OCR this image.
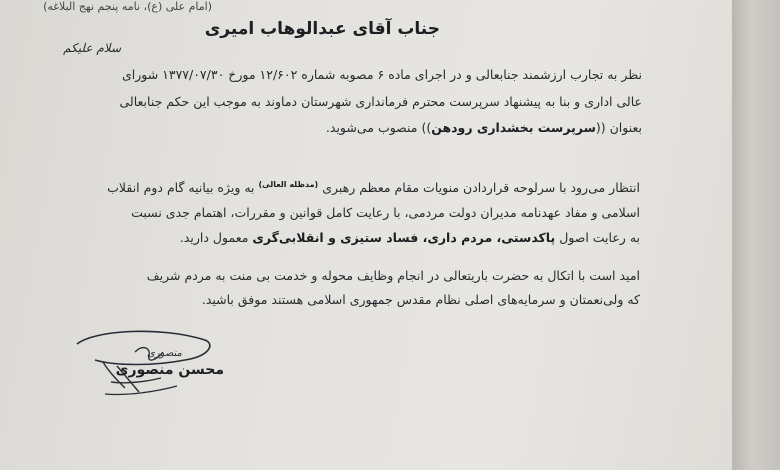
(امام علی (ع)، نامه پنجم نهج البلاغه)
جناب آقای عبدالوهاب امیری
سلام علیکم
نظر به تجارب ارزشمند جنابعالی و در اجرای ماده ۶ مصوبه شماره ۱۲/۶۰۲ مورخ ۱۳۷۷/۰۷/۳۰ شورای
عالی اداری و بنا به پیشنهاد سرپرست محترم فرمانداری شهرستان دماوند به موجب این حکم جنابعالی
بعنوان ((سرپرست بخشداری رودهن)) منصوب می‌شوید.
انتظار می‌رود با سرلوحه قراردادن منویات مقام معظم رهبری $^{(مدظله العالی)}$ به ویژه بیانیه گام دوم انقلاب
اسلامی و مفاد عهدنامه مدیران دولت مردمی، با رعایت کامل قوانین و مقررات، اهتمام جدی نسبت
به رعایت اصول پاکدستی، مردم داری، فساد ستیزی و انقلابی‌گری معمول دارید.
امید است با اتکال به حضرت باریتعالی در انجام وظایف محوله و خدمت بی منت به مردم شریف
که ولی‌نعمتان و سرمایه‌های اصلی نظام مقدس جمهوری اسلامی هستند موفق باشید.
منصوری
محسن منصوری
